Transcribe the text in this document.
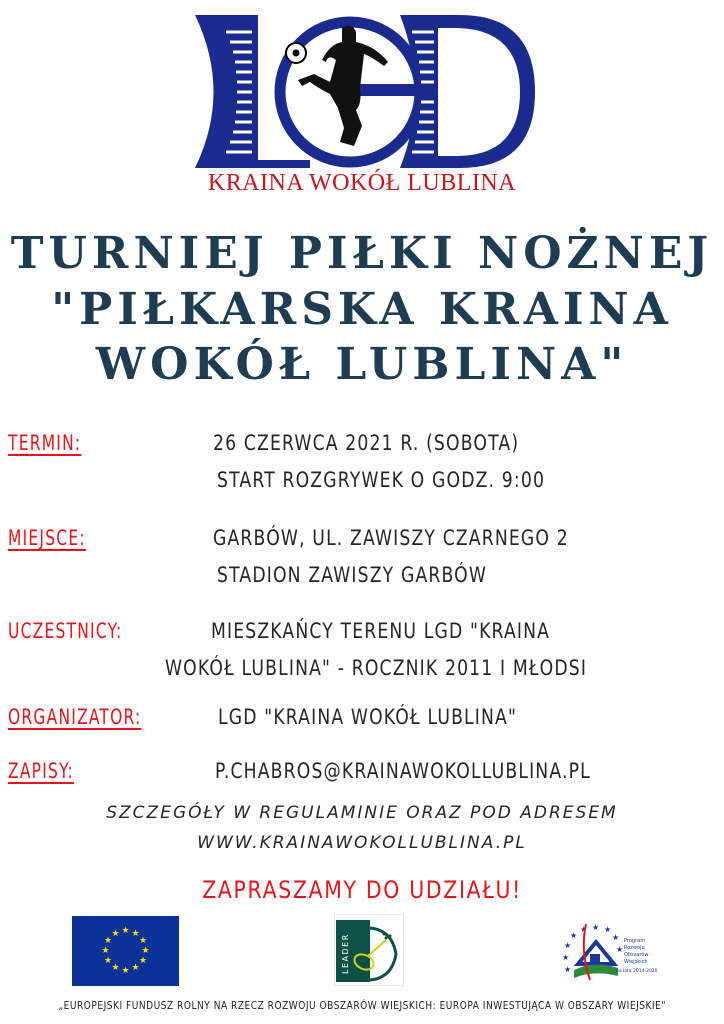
KRAINA WOKÓŁ LUBLINA
TURNIEJ PIŁKI NOŻNEJ
"PIŁKARSKA KRAINA
WOKÓŁ LUBLINA"
TERMIN:	26 CZERWCA 2021 R. (SOBOTA)
START ROZGRYWEK O GODZ. 9:00
MIEJSCE:	GARBÓW, UL. ZAWISZY CZARNEGO 2
STADION ZAWISZY GARBÓW
UCZESTNICY:	MIESZKAŃCY TERENU LGD "KRAINA
WOKÓŁ LUBLINA" - ROCZNIK 2011 I MŁODSI
ORGANIZATOR:	LGD "KRAINA WOKÓŁ LUBLINA"
ZAPISY:	P.CHABROS@KRAINAWOKOLLUBLINA.PL
SZCZEGÓŁY W REGULAMINIE ORAZ POD ADRESEM
WWW.KRAINAWOKOLLUBLINA.PL
ZAPRASZAMY DO UDZIAŁU!
★ ★
★
★
★
★
★
★
★
★
★
★	LEADER	★
★
★
★ ★ ★
★
★
★
Program
Rozwoju
Obszarów
Wiejskich
na lata 2014-2020
„EUROPEJSKI FUNDUSZ ROLNY NA RZECZ ROZWOJU OBSZARÓW WIEJSKICH: EUROPA INWESTUJĄCA W OBSZARY WIEJSKIE"
